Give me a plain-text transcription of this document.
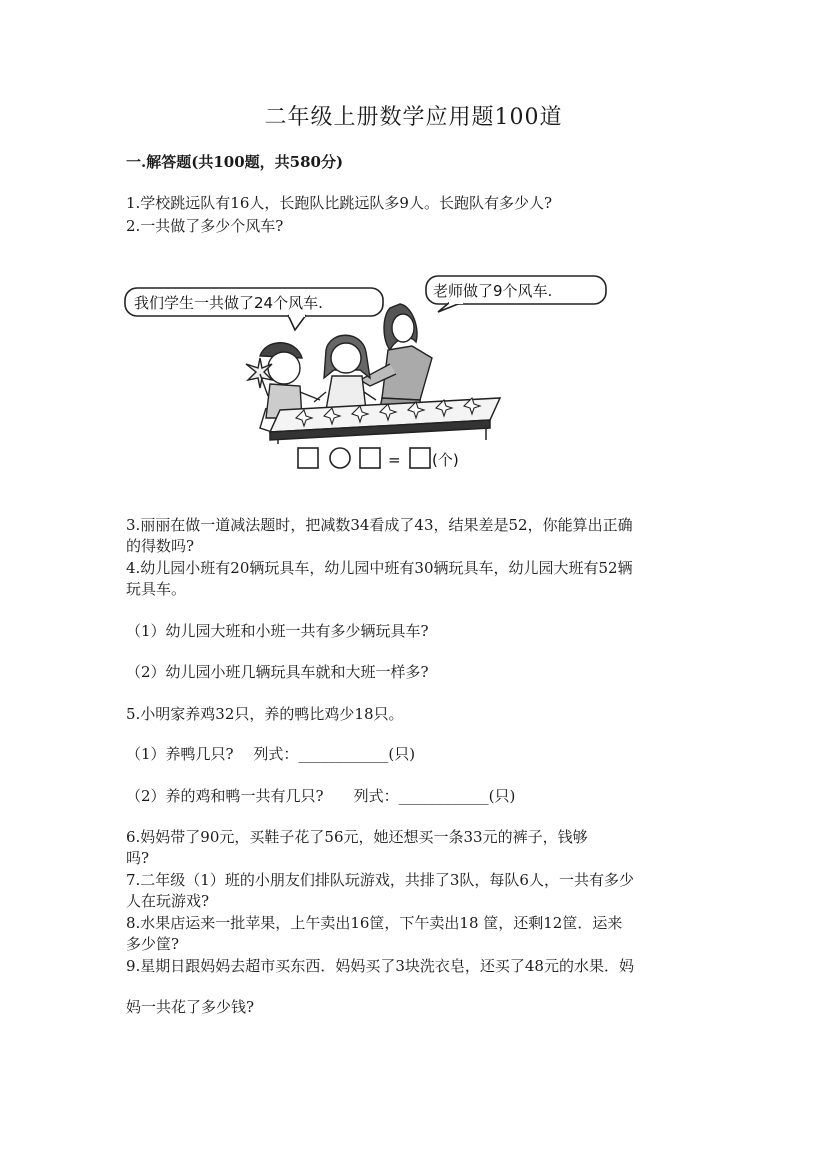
二年级上册数学应用题100道
一.解答题(共100题，共580分)
1.学校跳远队有16人，长跑队比跳远队多9人。长跑队有多少人?
2.一共做了多少个风车?
我们学生一共做了24个风车.
老师做了9个风车.
= (个)
3.丽丽在做一道减法题时，把减数34看成了43，结果差是52，你能算出正确
的得数吗?
4.幼儿园小班有20辆玩具车，幼儿园中班有30辆玩具车，幼儿园大班有52辆
玩具车。
（1）幼儿园大班和小班一共有多少辆玩具车?
（2）幼儿园小班几辆玩具车就和大班一样多?
5.小明家养鸡32只，养的鸭比鸡少18只。
（1）养鸭几只?　 列式：____________(只)
（2）养的鸡和鸭一共有几只?　　列式：____________(只)
6.妈妈带了90元，买鞋子花了56元，她还想买一条33元的裤子，钱够
吗?
7.二年级（1）班的小朋友们排队玩游戏，共排了3队，每队6人，一共有多少
人在玩游戏?
8.水果店运来一批苹果，上午卖出16筐，下午卖出18 筐，还剩12筐．运来
多少筐?
9.星期日跟妈妈去超市买东西．妈妈买了3块洗衣皂，还买了48元的水果．妈
妈一共花了多少钱?
